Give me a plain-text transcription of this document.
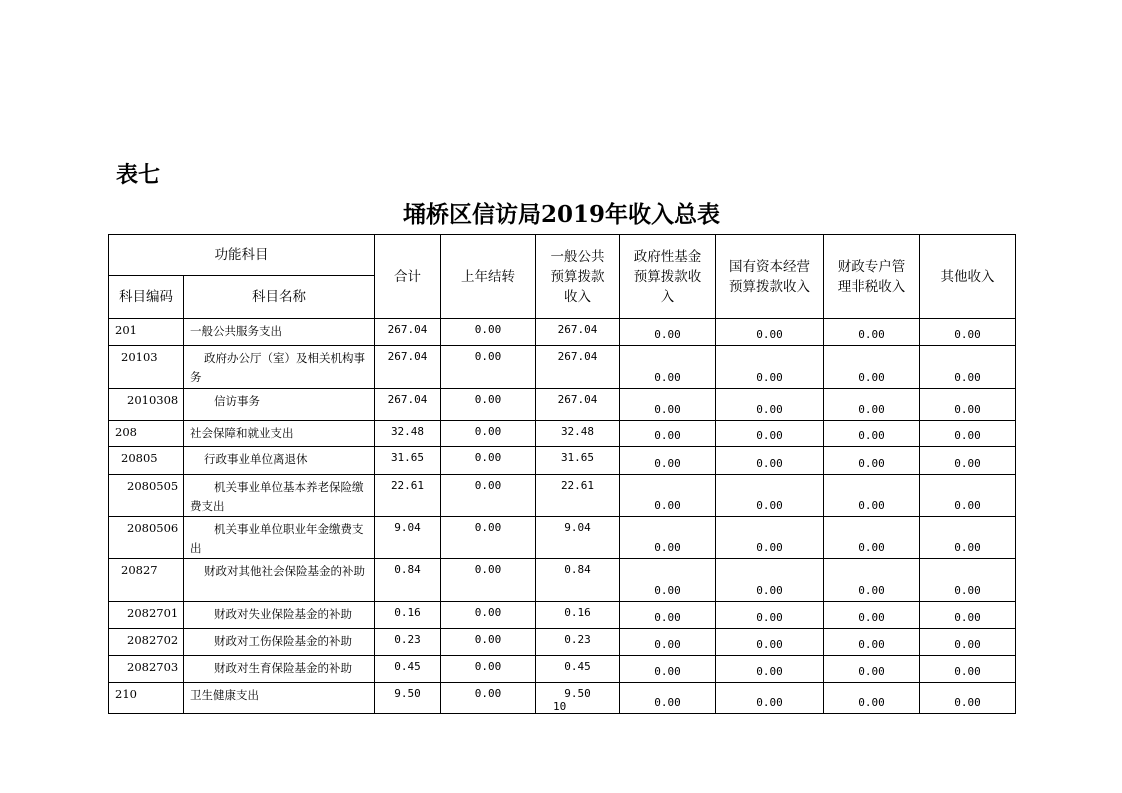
表七
埇桥区信访局2019年收入总表
功能科目		合计	上年结转	一般公共预算拨款收入	政府性基金预算拨款收入	国有资本经营预算拨款收入	财政专户管理非税收入	其他收入
科目编码	科目名称							

201	一般公共服务支出	267.04	0.00	267.04	0.00	0.00	0.00	0.00

20103	政府办公厅（室）及相关机构事务	267.04	0.00	267.04	0.00	0.00	0.00	0.00

2010308	信访事务	267.04	0.00	267.04	0.00	0.00	0.00	0.00

208	社会保障和就业支出	32.48	0.00	32.48	0.00	0.00	0.00	0.00

20805	行政事业单位离退休	31.65	0.00	31.65	0.00	0.00	0.00	0.00

2080505	机关事业单位基本养老保险缴费支出	22.61	0.00	22.61	0.00	0.00	0.00	0.00

2080506	机关事业单位职业年金缴费支出	9.04	0.00	9.04	0.00	0.00	0.00	0.00

20827	财政对其他社会保险基金的补助	0.84	0.00	0.84	0.00	0.00	0.00	0.00

2082701	财政对失业保险基金的补助	0.16	0.00	0.16	0.00	0.00	0.00	0.00

2082702	财政对工伤保险基金的补助	0.23	0.00	0.23	0.00	0.00	0.00	0.00

2082703	财政对生育保险基金的补助	0.45	0.00	0.45	0.00	0.00	0.00	0.00

210	卫生健康支出	9.50	0.00	9.50	0.00	0.00	0.00	0.00
10
